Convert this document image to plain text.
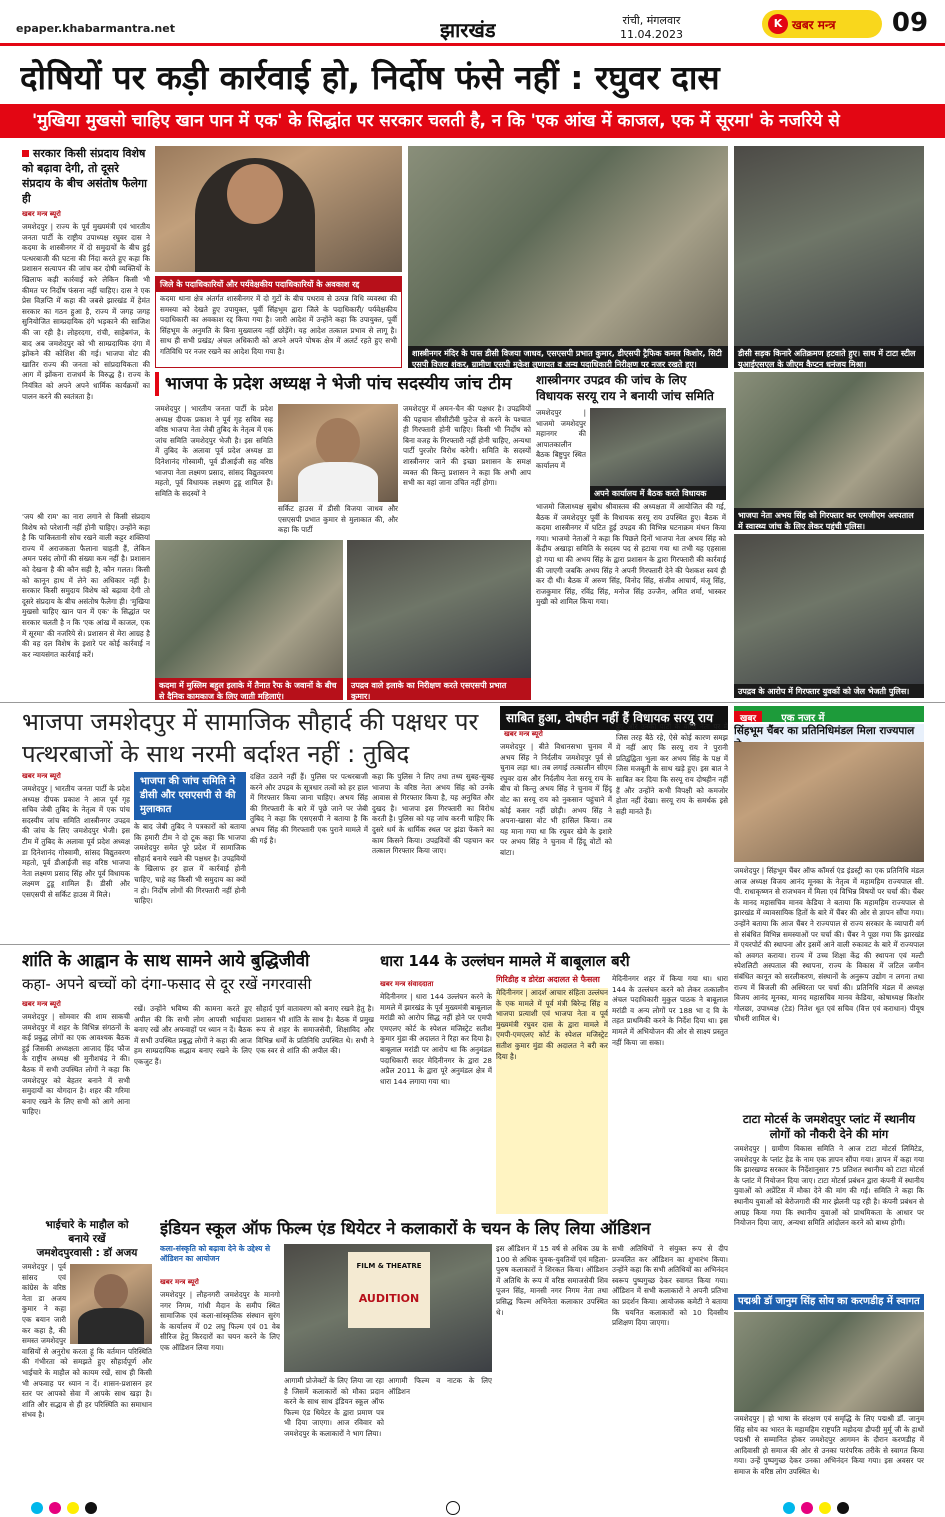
epaper.khabarmantra.net	झारखंड	रांची, मंगलवार
11.04.2023
खबर मन्त्र
K	09
दोषियों पर कड़ी कार्रवाई हो, निर्दोष फंसे नहीं : रघुवर दास
'मुखिया मुखसो चाहिए खान पान में एक' के सिद्धांत पर सरकार चलती है, न कि 'एक आंख में काजल, एक में सूरमा' के नजरिये से
सरकार किसी संप्रदाय विशेष को बढ़ावा देगी, तो दूसरे संप्रदाय के बीच असंतोष फैलेगा ही
खबर मन्त्र ब्यूरो
जमशेदपुर | राज्य के पूर्व मुख्यमंत्री एवं भारतीय जनता पार्टी के राष्ट्रीय उपाध्यक्ष रघुवर दास ने कदमा के शास्त्रीनगर में दो समुदायों के बीच हुई पत्थरबाजी की घटना की निंदा करते हुए कहा कि प्रशासन सत्यापन की जांच कर दोषी व्यक्तियों के खिलाफ कड़ी कार्रवाई करे लेकिन किसी भी कीमत पर निर्दोष फंसना नहीं चाहिए। दास ने एक प्रेस विज्ञप्ति में कहा की जबसे झारखंड में हेमंत सरकार का गठन हुआ है, राज्य में जगह जगह सुनियोजित साम्प्रदायिक दंगे भड़काने की साजिश की जा रही है। लोहरदगा, रांची, साहेबगंज, के बाद अब जमशेदपुर को भी साम्प्रदायिक दंगा में झोंकने की कोशिश की गई। भाजपा वोट की खातिर राज्य की जनता को सांप्रदायिकता की आग में झोंकना राजधर्म के विरुद्ध है। राज्य के नियंत्रित को अपने अपने धार्मिक कार्यक्रमों का पालन करने की स्वतंत्रता है।
'जय श्री राम' का नारा लगाने से किसी संप्रदाय विशेष को परेशानी नहीं होनी चाहिए। उन्होंने कहा है कि पाकिस्तानी सोच रखने वाली कट्टर शक्तियां राज्य में अराजकता फैलाना चाहती हैं, लेकिन अमन पसंद लोगों की संख्या कम नहीं है। प्रशासन को देखना है की कौन सही है, कौन गलत। किसी को कानून हाथ में लेने का अधिकार नहीं है। सरकार किसी समुदाय विशेष को बढ़ावा देगी तो दूसरे संप्रदाय के बीच असंतोष फैलेगा ही। 'मुखिया मुखसो चाहिए खान पान में एक' के सिद्धांत पर सरकार चलती है न कि 'एक आंख में काजल, एक में सूरमा' की नजरिये से। प्रशासन से मेरा आग्रह है की वह दल विशेष के इशारे पर कोई कार्रवाई न कर न्यायसंगत कार्रवाई करें।
जिले के पदाधिकारियों और पर्यवेक्षकीय पदाधिकारियों के अवकाश रद्द
कदमा थाना क्षेत्र अंतर्गत शास्त्रीनगर में दो गुटों के बीच पथराव से उत्पन्न विधि व्यवस्था की समस्या को देखते हुए उपायुक्त, पूर्वी सिंहभूम द्वारा जिले के पदाधिकारी/ पर्यवेक्षकीय पदाधिकारी का अवकाश रद्द किया गया है। जारी आदेश में उन्होंने कहा कि उपायुक्त, पूर्वी सिंहभूम के अनुमति के बिना मुख्यालय नहीं छोड़ेंगे। यह आदेश तत्काल प्रभाव से लागू है। साथ ही सभी प्रखंड/ अंचल अधिकारी को अपने अपने पोषक क्षेत्र में अलर्ट रहते हुए सभी गतिविधि पर नजर रखने का आदेश दिया गया है।	शास्त्रीनगर मंदिर के पास डीसी विजया जाधव, एसएसपी प्रभात कुमार, डीएसपी ट्रैफिक कमल किशोर, सिटी एसपी विजय शंकर, ग्रामीण एसपी मुकेश लुणायत व अन्य पदाधिकारी निरीक्षण पर नजर रखते हुए।
डीसी सड़क किनारे अतिक्रमण हटवाते हुए। साथ में टाटा स्टील यूआईएसएल के जीएम कैप्टन धनंजय मिश्रा।
भाजपा के प्रदेश अध्यक्ष ने भेजी पांच सदस्यीय जांच टीम
जमशेदपुर | भारतीय जनता पार्टी के प्रदेश अध्यक्ष दीपक प्रकाश ने पूर्व गृह सचिव सह वरिष्ठ भाजपा नेता जेबी तुबिद के नेतृत्व में एक जांच समिति जमशेदपुर भेजी है। इस समिति में तुबिद के अलावा पूर्व प्रदेश अध्यक्ष डा दिनेशानंद गोस्वामी, पूर्व डीआईजी सह वरिष्ठ भाजपा नेता लक्ष्मण प्रसाद, सांसद विद्युतवरण महतो, पूर्व विधायक लक्ष्मण टुडू शामिल हैं। समिति के सदस्यों ने
सर्किट हाउस में डीसी विजया जाधव और एसएसपी प्रभात कुमार से मुलाकात की, और कहा कि पार्टी
जमशेदपुर में अमन-चैन की पक्षधर है। उपद्रवियों की पहचान सीसीटीवी फुटेज से करने के पश्चात ही गिरफ्तारी होनी चाहिए। किसी भी निर्दोष को बिना वजह के गिरफ्तारी नहीं होनी चाहिए, अन्यथा पार्टी पुरजोर विरोध करेगी। समिति के सदस्यों शास्त्रीनगर जाने की इच्छा प्रशासन के समक्ष व्यक्त की किन्तु प्रशासन ने कहा कि अभी आप सभी का वहां जाना उचित नहीं होगा।
शास्त्रीनगर उपद्रव की जांच के लिए
विधायक सरयू राय ने बनायी जांच समिति
जमशेदपुर | भाजमो जमशेदपुर महानगर की आपातकालीन बैठक बिष्टुपुर स्थित कार्यालय में
अपने कार्यालय में बैठक करते विधायक
भाजमो जिलाध्यक्ष सुबोध श्रीवास्तव की अध्यक्षता में आयोजित की गई, बैठक में जमशेदपुर पूर्वी के विधायक सरयू राय उपस्थित हुए। बैठक में कदमा शास्त्रीनगर में घटित हुई उपद्रव की विभिन्न घटनाक्रम मंथन किया गया। भाजमो नेताओं ने कहा कि पिछले दिनों भाजपा नेता अभय सिंह को केंद्रीय अखाड़ा समिति के सदस्य पद से हटाया गया था तभी यह एहसास हो गया था की अभय सिंह के द्वारा प्रशासन के द्वारा गिरफ्तारी की कार्रवाई की जाएगी जबकि अभय सिंह ने अपनी गिरफ्तारी देने की पेशकश स्वयं ही कर दी थी। बैठक में अरुण सिंह, विनोद सिंह, संजीव आचार्य, मंजू सिंह, राजकुमार सिंह, रविंद्र सिंह, मनोज सिंह उज्जैन, अमित शर्मा, भास्कर मुखी को शामिल किया गया।
भाजपा नेता अभय सिंह को गिरफ्तार कर एमजीएम अस्पताल में स्वास्थ्य जांच के लिए लेकर पहुंची पुलिस।
उपद्रव के आरोप में गिरफ्तार युवकों को जेल भेजती पुलिस।
कदमा में मुस्लिम बहुल इलाके में तैनात रैफ के जवानों के बीच से दैनिक कामकाज के लिए जाती महिलाएं।
उपद्रव वाले इलाके का निरीक्षण करते एसएसपी प्रभात कुमार।
भाजपा जमशेदपुर में सामाजिक सौहार्द की पक्षधर पर पत्थरबाजों के साथ नरमी बर्दाश्त नहीं : तुबिद
खबर मन्त्र ब्यूरो
जमशेदपुर | भारतीय जनता पार्टी के प्रदेश अध्यक्ष दीपक प्रकाश ने आज पूर्व गृह सचिव जेबी तुबिद के नेतृत्व में एक पांच सदस्यीय जांच समिति शास्त्रीनगर उपद्रव की जांच के लिए जमशेदपुर भेजी। इस टीम में तुबिद के अलावा पूर्व प्रदेश अध्यक्ष डा दिनेशानंद गोस्वामी, सांसद विद्युतवरण महतो, पूर्व डीआईजी सह वरिष्ठ भाजपा नेता लक्ष्मण प्रसाद सिंह और पूर्व विधायक लक्ष्मण टुडू शामिल हैं। डीसी और एसएसपी से सर्किट हाउस में मिले।
भाजपा की जांच समिति ने डीसी और एसएसपी से की मुलाकात
के बाद जेबी तुबिद ने पत्रकारों को बताया कि हमारी टीम ने दो टूक कहा कि भाजपा जमशेदपुर समेत पूरे प्रदेश में सामाजिक सौहार्द बनाये रखने की पक्षधर है। उपद्रवियों के खिलाफ हर हाल में कार्रवाई होनी चाहिए, चाहे वह किसी भी समुदाय का क्यों न हो। निर्दोष लोगों की गिरफ्तारी नहीं होनी चाहिए।
दक्षित उठाने नहीं हैं। पुलिस पर पत्थरबाजी करने और उपद्रव के सूत्रधार तत्वों को हर हाल में गिरफ्तार किया जाना चाहिए। अभय सिंह की गिरफ्तारी के बारे में पूछे जाने पर जेबी तुबिद ने कहा कि एसएसपी ने बताया है कि अभय सिंह की गिरफ्तारी एक पुराने मामले में की गई है।
कहा कि पुलिस ने लिए तथा तथ्य सुबह-सुबह भाजपा के वरिष्ठ नेता अभय सिंह को उनके आवास से गिरफ्तार किया है, यह अनुचित और दुखद है। भाजपा इस गिरफ्तारी का विरोध करती है। पुलिस को यह जांच करनी चाहिए कि दुसरे धर्म के धार्मिक स्थल पर झंडा फेंकने का काम किसने किया। उपद्रवियों की पहचान कर तत्काल गिरफ्तार किया जाए।
साबित हुआ, दोषहीन नहीं हैं विधायक सरयू राय
खबर मन्त्र ब्यूरो
जमशेदपुर | बीते विधानसभा चुनाव में अभय सिंह ने निर्दलीय जमशेदपुर पूर्व से चुनाव लड़ा था। तब लगाई तत्कालीन सीएम रघुवर दास और निर्दलीय नेता सरयू राय के बीच वो किन्तु अभय सिंह ने चुनाव में हिंदू वोट का सरयू राय को नुकसान पहुंचाने में कोई कसर नहीं छोड़ी। अभय सिंह ने अपना-खासा वोट भी हासिल किया। तब यह माना गया था कि रघुवर खेमे के इशारे पर अभय सिंह ने चुनाव में हिंदू वोटों को बांटा।
हुए और उनकी पार्टी के वरिष्ठ नेता पर में जिस तरह बैठे रहे, ऐसे कोई कारण समझ में नहीं आए कि सरयू राय ने पुरानी प्रतिद्वंद्विता भुला कर अभय सिंह के पक्ष में जिस मजबूती के साथ खड़े हुए। इस बात ने साबित कर दिया कि सरयू राय दोषहीन नहीं हैं और उन्होंने कभी विपक्षी को कमजोर होता नहीं देखा। सरयू राय के समर्थक इसे सही मानते हैं।
खबर	एक नजर में
सिंहभूम चैंबर का प्रतिनिधिमंडल मिला राज्यपाल
जमशेदपुर | सिंहभूम चैंबर ऑफ कॉमर्स एंड इंडस्ट्री का एक प्रतिनिधि मंडल आज अध्यक्ष विजय आनंद मूनका के नेतृत्व में महामहिम राज्यपाल सी. पी. राधाकृष्णन से राजभवन में मिला एवं विभिन्न विषयों पर चर्चा की। चैंबर के मानद महासचिव मानव केडिया ने बताया कि महामहिम राज्यपाल से झारखंड में व्यावसायिक हितों के बारे में चैंबर की ओर से ज्ञापन सौंपा गया। उन्होंने बताया कि आज चैंबर ने राज्यपाल से राज्य सरकार के व्यापारी वर्ग से संबंधित विभिन्न समस्याओं पर चर्चा की। चैंबर ने पूछा गया कि झारखंड में एयरपोर्ट की स्थापना और इसमें आने वाली रुकावट के बारे में राज्यपाल को अवगत कराया। राज्य में उच्च शिक्षा केंद्र की स्थापना एवं मल्टी स्पेशलिटी अस्पताल की स्थापना, राज्य के विकास में जटिल जमीन संबंधित कानून को सरलीकरण, संस्थानों के अनुरूप उद्योग न लगना तथा राज्य में बिजली की अस्थिरता पर चर्चा की। प्रतिनिधि मंडल में अध्यक्ष विजय आनंद मूनका, मानद महासचिव मानव केडिया, कोषाध्यक्ष किशोर गोलछा, उपाध्यक्ष (टेड) नितेश धूत एवं सचिव (वित्त एवं कराधान) पीयूष चौधरी शामिल थे।
टाटा मोटर्स के जमशेदपुर प्लांट में स्थानीय लोगों को नौकरी देने की मांग
जमशेदपुर | ग्रामीण विकास समिति ने आज टाटा मोटर्स लिमिटेड, जमशेदपुर के प्लांट हेड के नाम एक ज्ञापन सौंपा गया। ज्ञापन में कहा गया कि झारखण्ड सरकार के निर्देशानुसार 75 प्रतिशत स्थानीय को टाटा मोटर्स के प्लांट में नियोजन दिया जाए। टाटा मोटर्स प्रबंधन द्वारा कंपनी में स्थानीय युवाओं को अप्रेंटिस में मौका देने की मांग की गई। समिति ने कहा कि स्थानीय युवाओं को बेरोजगारी की मार झेलनी पड़ रही है। कंपनी प्रबंधन से आग्रह किया गया कि स्थानीय युवाओं को प्राथमिकता के आधार पर नियोजन दिया जाए, अन्यथा समिति आंदोलन करने को बाध्य होगी।
पद्मश्री डॉ जानुम सिंह सोय का करणडीह में स्वागत
जमशेदपुर | हो भाषा के संरक्षण एवं समृद्धि के लिए पद्मश्री डॉ. जानुम सिंह सोय का भारत के महामहिम राष्ट्रपति महोदया द्रौपदी मुर्मू जी के हाथों पद्मश्री से सम्मानित होकर जमशेदपुर आगमन के दौरान करणडीह में आदिवासी हो समाज की ओर से उनका पारंपरिक तरीके से स्वागत किया गया। उन्हें पुष्पगुच्छ देकर उनका अभिनंदन किया गया। इस अवसर पर समाज के वरिष्ठ लोग उपस्थित थे।
शांति के आह्वान के साथ सामने आये बुद्धिजीवी
कहा- अपने बच्चों को दंगा-फसाद से दूर रखें नगरवासी
खबर मन्त्र ब्यूरो
जमशेदपुर | सोमवार की शाम साकची जमशेदपुर में शहर के विभिन्न संगठनों के कई प्रबुद्ध लोगों का एक आवश्यक बैठक हुई जिसकी अध्यक्षता आजाद हिंद फौज के राष्ट्रीय अध्यक्ष श्री मुनीशचंद्र ने की। बैठक में सभी उपस्थित लोगों ने कहा कि जमशेदपुर को बेहतर बनाने में सभी समुदायों का योगदान है। शहर की गरिमा बनाए रखने के लिए सभी को आगे आना चाहिए।
रखें। उन्होंने भविष्य की कामना करते हुए अपील की कि सभी लोग आपसी भाईचारा बनाए रखें और अफवाहों पर ध्यान न दें। बैठक में सभी उपस्थित प्रबुद्ध लोगों ने कहा की आज हम साम्प्रदायिक सद्भाव बनाए रखने के लिए एकजुट हैं।
सौहार्द पूर्ण वातावरण को बनाए रखने हेतु है। प्रशासन भी शांति के साथ है। बैठक में प्रमुख रूप से शहर के समाजसेवी, शिक्षाविद और विभिन्न धर्मों के प्रतिनिधि उपस्थित थे। सभी ने एक स्वर से शांति की अपील की।
धारा 144 के उल्लंघन मामले में बाबूलाल बरी
खबर मन्त्र संवाददाता
मेदिनीनगर | धारा 144 उल्लंघन करने के मामले में झारखंड के पूर्व मुख्यमंत्री बाबूलाल मरांडी को आरोप सिद्ध नहीं होने पर एमपी एमएलए कोर्ट के स्पेशल मजिस्ट्रेट सतीश कुमार मुंडा की अदालत ने रिहा कर दिया है। बाबूलाल मरांडी पर आरोप था कि अनुमंडल पदाधिकारी सदर मेदिनीनगर के द्वारा 28 अप्रैल 2011 के द्वारा पूरे अनुमंडल क्षेत्र में धारा 144 लगाया गया था।
गिरिडीह व डोरंडा अदालत से फैसला
मेदिनीनगर | आदर्श आचार संहिता उल्लंघन के एक मामले में पूर्व मंत्री बिरेन्द्र सिंह व भाजपा प्रत्याशी एवं भाजपा नेता व पूर्व मुख्यमंत्री रघुवर दास के द्वारा मामले में एमपी-एमएलए कोर्ट के स्पेशल मजिस्ट्रेट सतीश कुमार मुंडा की अदालत ने बरी कर दिया है।
मेदिनीनगर शहर में किया गया था। धारा 144 के उल्लंघन करने को लेकर तत्कालीन अंचल पदाधिकारी मुकुल पाठक ने बाबूलाल मरांडी व अन्य लोगों पर 188 भा द वि के तहत प्राथमिकी करने के निर्देश दिया था। इस मामले में अभियोजन की ओर से साक्ष्य प्रस्तुत नहीं किया जा सका।
भाईचारे के माहौल को
बनाये रखें
जमशेदपुरवासी : डॉ अजय
जमशेदपुर | पूर्व सांसद एवं कांग्रेस के वरिष्ठ नेता डा अजय कुमार ने कहा एक बयान जारी कर कहा है, की समस्त जमशेदपुर वासियों से अनुरोध करता हूं कि वर्तमान परिस्थिति की गंभीरता को समझते हुए सौहार्दपूर्ण और भाईचारे के माहौल को कायम रखें, साथ ही किसी भी अफवाह पर ध्यान न दें। शासन-प्रशासन हर स्तर पर आपको सेवा में आपके साथ खड़ा है। शांति और सद्भाव से ही हर परिस्थिति का समाधान संभव है।
इंडियन स्कूल ऑफ फिल्म एंड थियेटर ने कलाकारों के चयन के लिए लिया ऑडिशन
कला-संस्कृति को बढ़ावा देने के उद्देश्य से ऑडिशन का आयोजन
खबर मन्त्र ब्यूरो
जमशेदपुर | लौहनगरी जमशेदपुर के मानगो नगर निगम, गांधी मैदान के समीप स्थित सामाजिक एवं कला-सांस्कृतिक संस्थान सुरंग के कार्यालय में 02 लघु फिल्म एवं 01 वेब सीरिज हेतु किरदारों का चयन करने के लिए एक ऑडिशन लिया गया।
FILM & THEATRE
AUDITION
आगामी प्रोजेक्टों के लिए लिया जा रहा है जिसमें कलाकारों को मौका प्रदान करने के साथ साथ इंडियन स्कूल ऑफ फिल्म एंड थियेटर के द्वारा प्रमाण पत्र भी दिया जाएगा। आज रविवार को जमशेदपुर के कलाकारों ने भाग लिया।
आगामी फिल्म व नाटक के लिए ऑडिशन
इस ऑडिशन में 15 वर्ष से अधिक उम्र के 100 से अधिक युवक-युवतियों एवं महिला-पुरुष कलाकारों ने शिरकत किया। ऑडिशन में अतिथि के रूप में वरिष्ठ समाजसेवी शिव पूजन सिंह, मानसी नगर निगम नेता तथा प्रसिद्ध फिल्म अभिनेता कलाकार उपस्थित थे।
सभी अतिथियों ने संयुक्त रूप से दीप प्रज्वलित कर ऑडिशन का शुभारंभ किया। उन्होंने कहा कि सभी अतिथियों का अभिनंदन स्वरूप पुष्पगुच्छ देकर स्वागत किया गया। ऑडिशन में सभी कलाकारों ने अपनी प्रतिभा का प्रदर्शन किया। आयोजक कमेटी ने बताया कि चयनित कलाकारों को 10 दिवसीय प्रशिक्षण दिया जाएगा।
